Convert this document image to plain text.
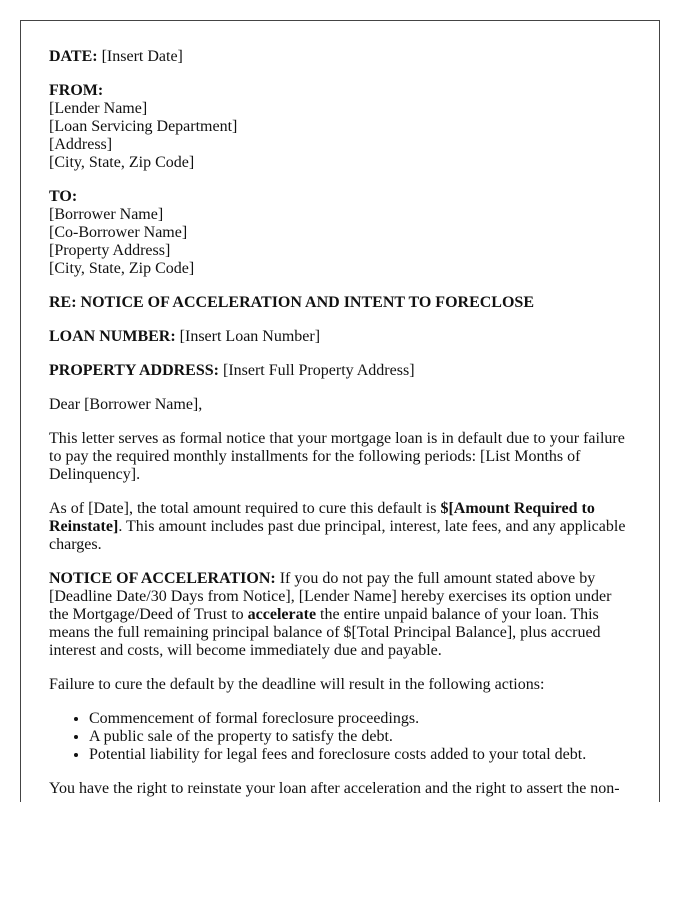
DATE: [Insert Date]

FROM:
[Lender Name]
[Loan Servicing Department]
[Address]
[City, State, Zip Code]

TO:
[Borrower Name]
[Co-Borrower Name]
[Property Address]
[City, State, Zip Code]

RE: NOTICE OF ACCELERATION AND INTENT TO FORECLOSE

LOAN NUMBER: [Insert Loan Number]

PROPERTY ADDRESS: [Insert Full Property Address]

Dear [Borrower Name],

This letter serves as formal notice that your mortgage loan is in default due to your failure to pay the required monthly installments for the following periods: [List Months of Delinquency].

As of [Date], the total amount required to cure this default is $[Amount Required to Reinstate]. This amount includes past due principal, interest, late fees, and any applicable charges.

NOTICE OF ACCELERATION: If you do not pay the full amount stated above by [Deadline Date/30 Days from Notice], [Lender Name] hereby exercises its option under the Mortgage/Deed of Trust to accelerate the entire unpaid balance of your loan. This means the full remaining principal balance of $[Total Principal Balance], plus accrued interest and costs, will become immediately due and payable.

Failure to cure the default by the deadline will result in the following actions:

• Commencement of formal foreclosure proceedings.
• A public sale of the property to satisfy the debt.
• Potential liability for legal fees and foreclosure costs added to your total debt.

You have the right to reinstate your loan after acceleration and the right to assert the non-
